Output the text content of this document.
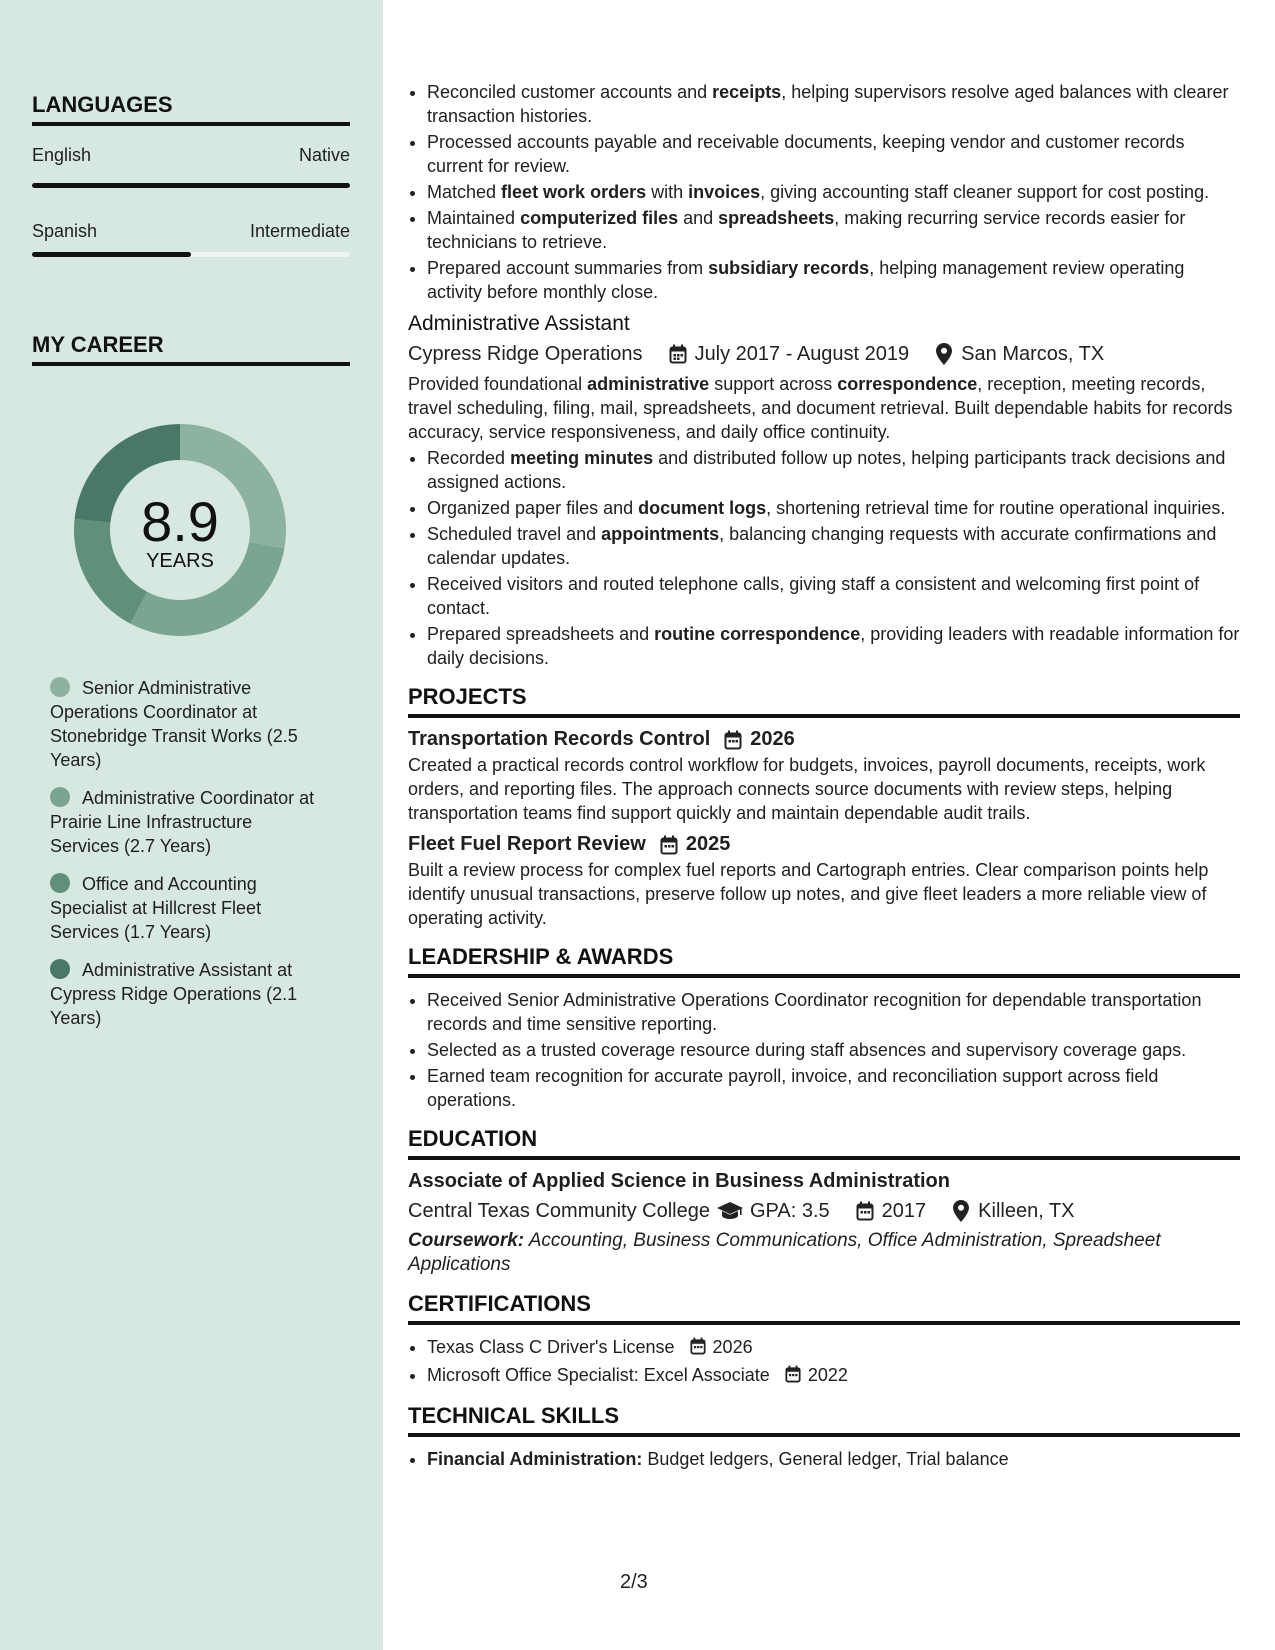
LANGUAGES
English	Native
Spanish	Intermediate
MY CAREER
8.9
YEARS
Senior Administrative Operations Coordinator at Stonebridge Transit Works (2.5 Years)
Administrative Coordinator at Prairie Line Infrastructure Services (2.7 Years)
Office and Accounting Specialist at Hillcrest Fleet Services (1.7 Years)
Administrative Assistant at Cypress Ridge Operations (2.1 Years)
• Reconciled customer accounts and receipts, helping supervisors resolve aged balances with clearer transaction histories.
• Processed accounts payable and receivable documents, keeping vendor and customer records current for review.
• Matched fleet work orders with invoices, giving accounting staff cleaner support for cost posting.
• Maintained computerized files and spreadsheets, making recurring service records easier for technicians to retrieve.
• Prepared account summaries from subsidiary records, helping management review operating activity before monthly close.
Administrative Assistant
Cypress Ridge Operations	July 2017 - August 2019	San Marcos, TX

Provided foundational administrative support across correspondence, reception, meeting records, travel scheduling, filing, mail, spreadsheets, and document retrieval. Built dependable habits for records accuracy, service responsiveness, and daily office continuity.

• Recorded meeting minutes and distributed follow up notes, helping participants track decisions and assigned actions.
• Organized paper files and document logs, shortening retrieval time for routine operational inquiries.
• Scheduled travel and appointments, balancing changing requests with accurate confirmations and calendar updates.
• Received visitors and routed telephone calls, giving staff a consistent and welcoming first point of contact.
• Prepared spreadsheets and routine correspondence, providing leaders with readable information for daily decisions.
PROJECTS
Transportation Records Control 2026

Created a practical records control workflow for budgets, invoices, payroll documents, receipts, work orders, and reporting files. The approach connects source documents with review steps, helping transportation teams find support quickly and maintain dependable audit trails.

Fleet Fuel Report Review 2025

Built a review process for complex fuel reports and Cartograph entries. Clear comparison points help identify unusual transactions, preserve follow up notes, and give fleet leaders a more reliable view of operating activity.

LEADERSHIP & AWARDS
• Received Senior Administrative Operations Coordinator recognition for dependable transportation records and time sensitive reporting.
• Selected as a trusted coverage resource during staff absences and supervisory coverage gaps.
• Earned team recognition for accurate payroll, invoice, and reconciliation support across field operations.
EDUCATION
Associate of Applied Science in Business Administration
Central Texas Community College GPA: 3.5	2017	Killeen, TX
Coursework: Accounting, Business Communications, Office Administration, Spreadsheet Applications
CERTIFICATIONS
• Texas Class C Driver's License 2026
• Microsoft Office Specialist: Excel Associate 2022
TECHNICAL SKILLS
• Financial Administration: Budget ledgers, General ledger, Trial balance
2/3
